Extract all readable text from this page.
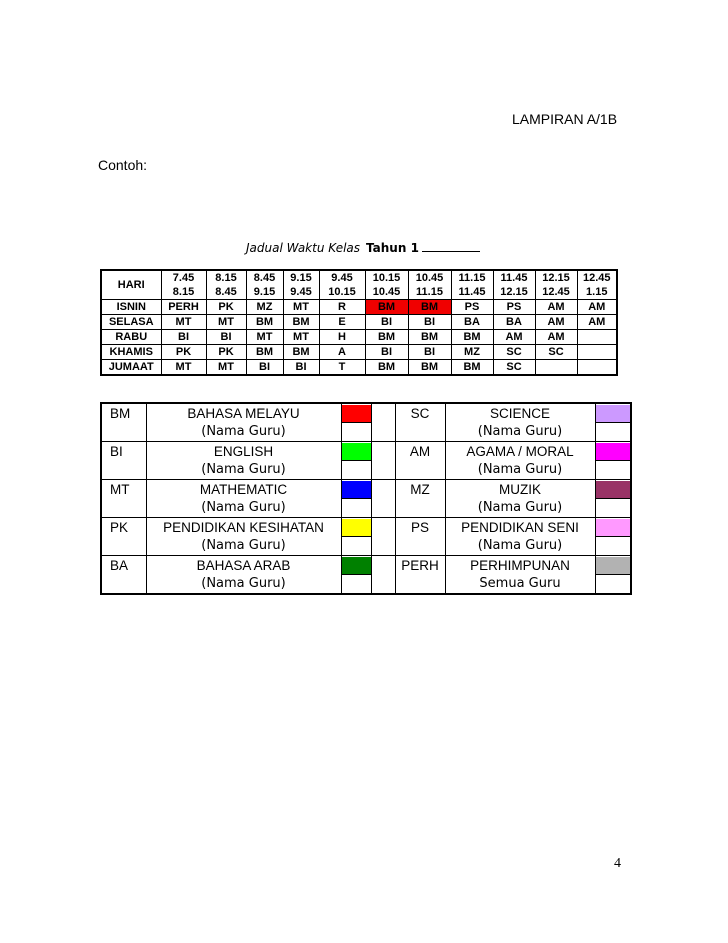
LAMPIRAN A/1B
Contoh:
Jadual Waktu Kelas Tahun 1
HARI	7.45	8.15	8.45	9.15	9.45	10.15	10.45	11.15	11.45	12.15	12.45
	8.15	8.45	9.15	9.45	10.15	10.45	11.15	11.45	12.15	12.45	1.15
ISNIN	PERH	PK	MZ	MT	R	BM	BM	PS	PS	AM	AM
SELASA	MT	MT	BM	BM	E	BI	BI	BA	BA	AM	AM
RABU	BI	BI	MT	MT	H	BM	BM	BM	AM	AM	
KHAMIS	PK	PK	BM	BM	A	BI	BI	MZ	SC	SC	
JUMAAT	MT	MT	BI	BI	T	BM	BM	BM	SC		
BM	BAHASA MELAYU			SC	SCIENCE	

	(Nama Guru)				(Nama Guru)	

BI	ENGLISH			AM	AGAMA / MORAL	

	(Nama Guru)				(Nama Guru)	

MT	MATHEMATIC			MZ	MUZIK	

	(Nama Guru)				(Nama Guru)	

PK	PENDIDIKAN KESIHATAN			PS	PENDIDIKAN SENI	

	(Nama Guru)				(Nama Guru)	

BA	BAHASA ARAB			PERH	PERHIMPUNAN	

	(Nama Guru)				Semua Guru	
4
